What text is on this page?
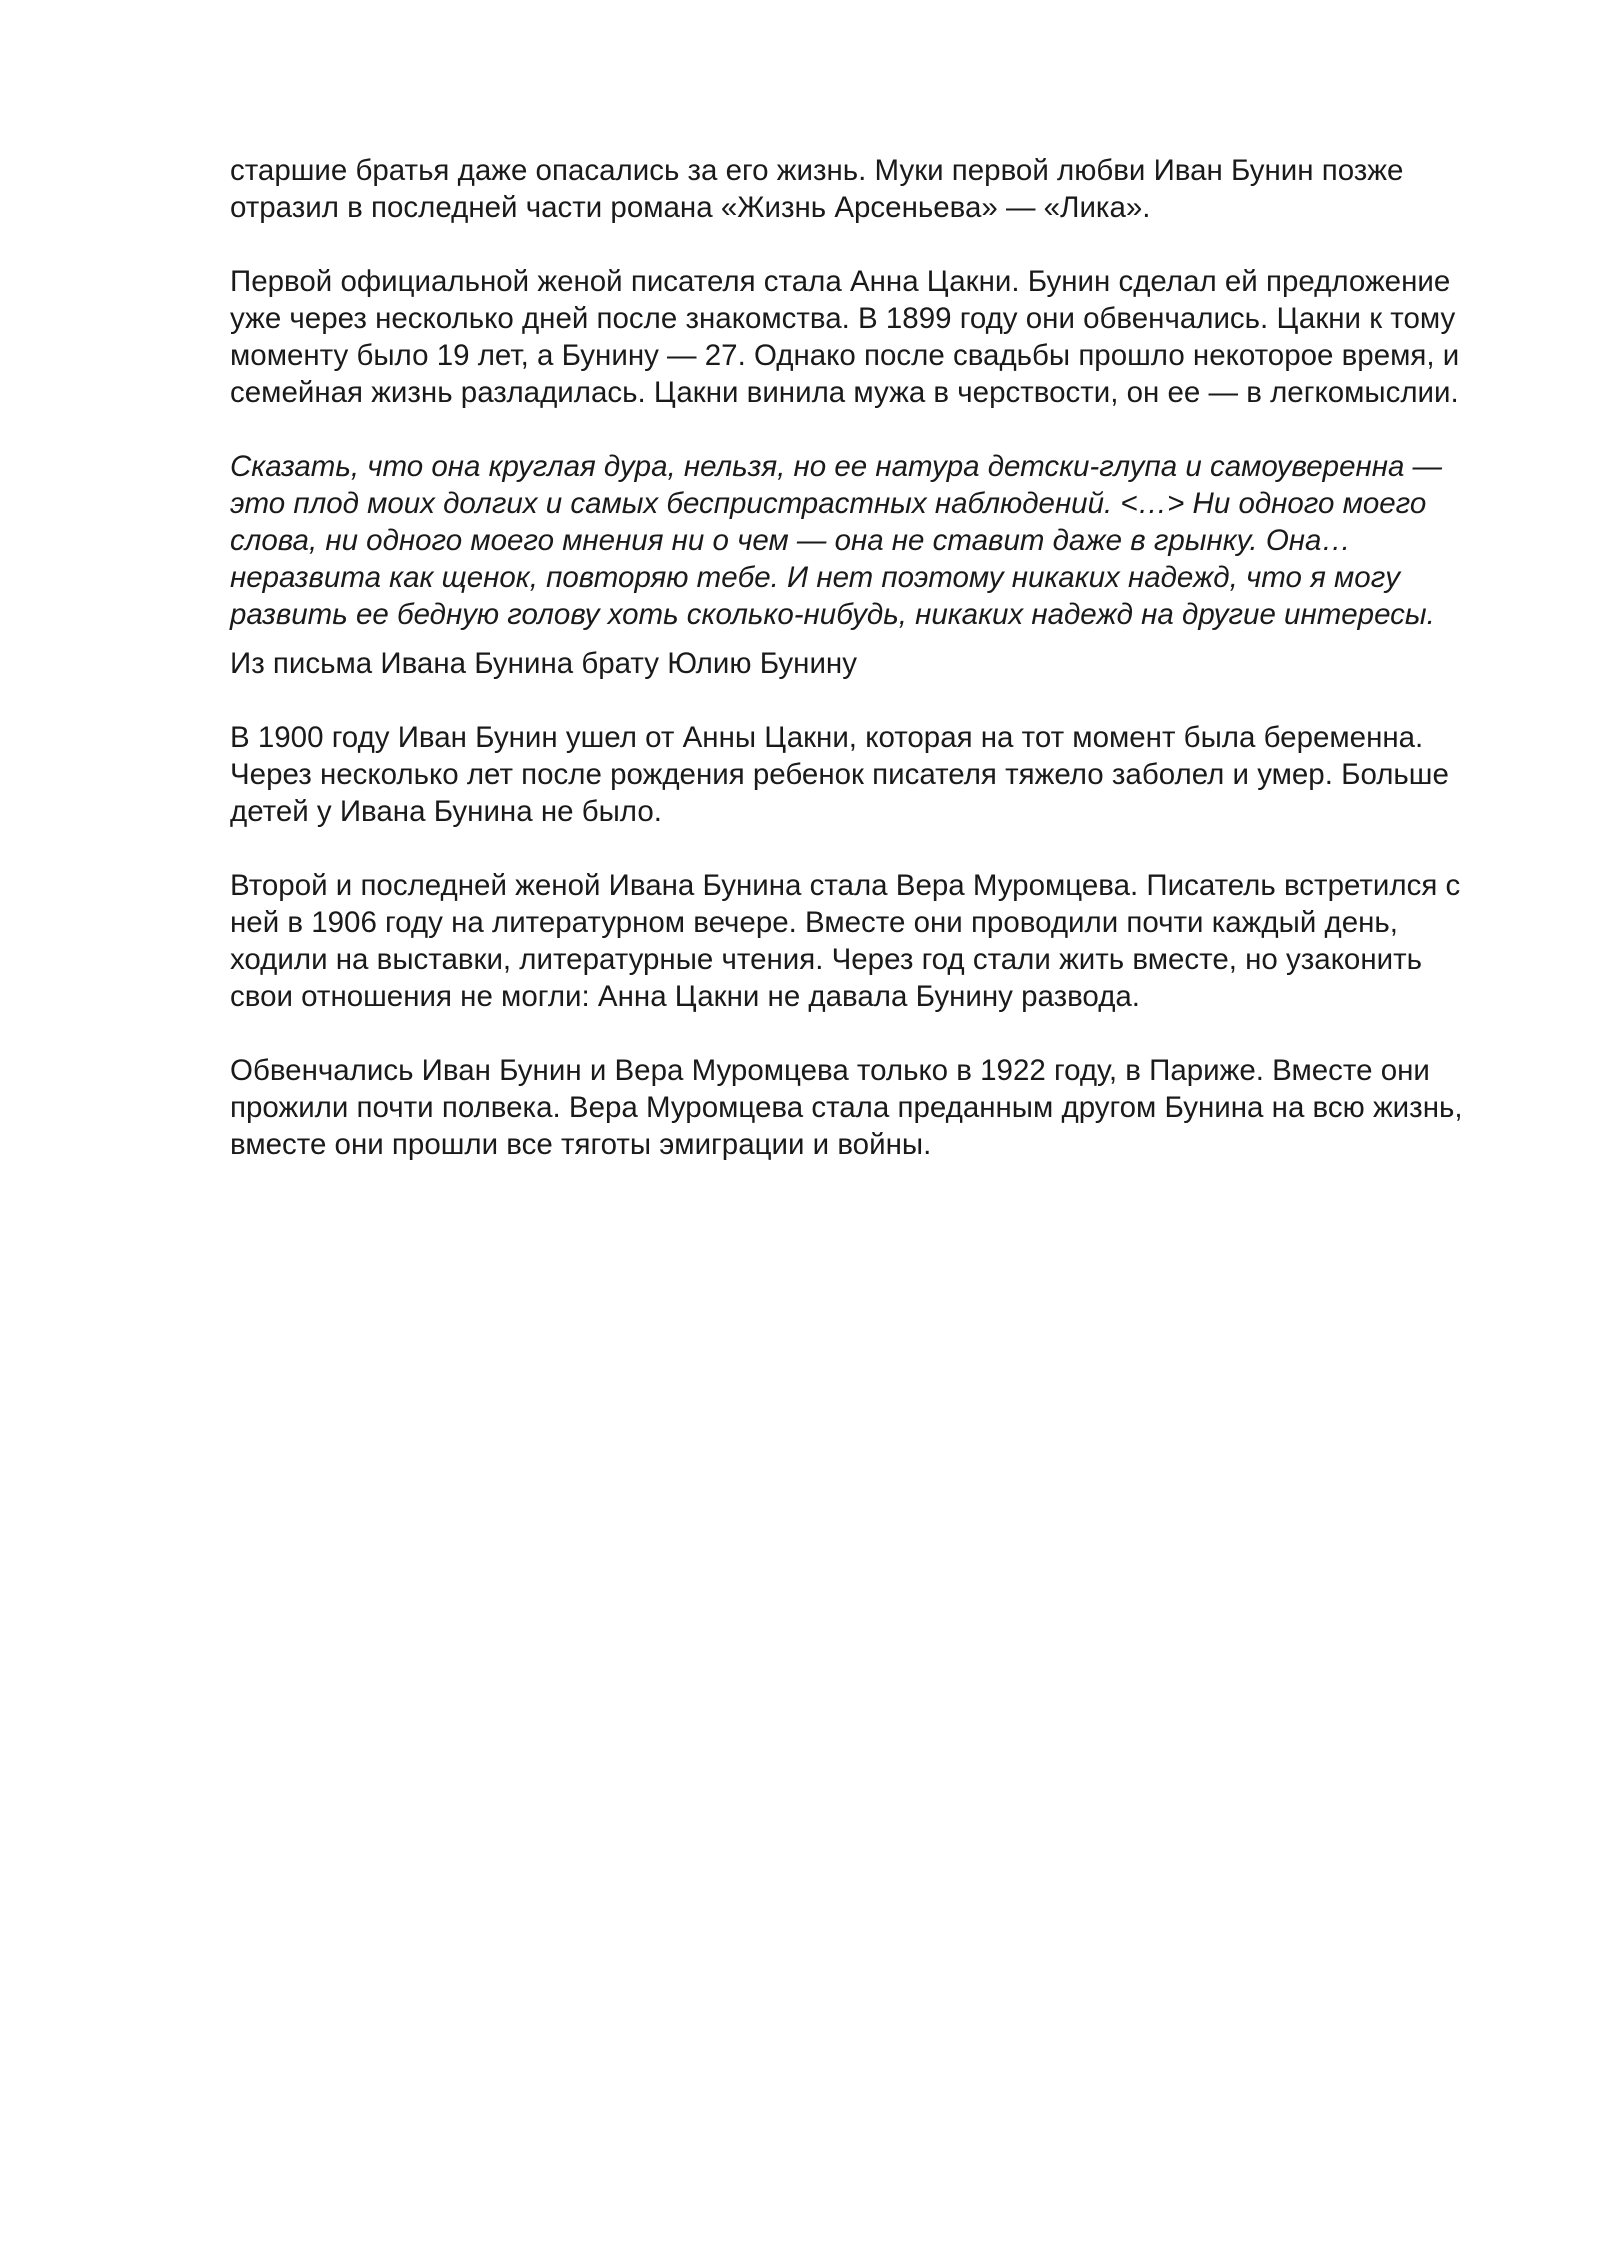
старшие братья даже опасались за его жизнь. Муки первой любви Иван Бунин позже отразил в последней части романа «Жизнь Арсеньева» — «Лика».

Первой официальной женой писателя стала Анна Цакни. Бунин сделал ей предложение уже через несколько дней после знакомства. В 1899 году они обвенчались. Цакни к тому моменту было 19 лет, а Бунину — 27. Однако после свадьбы прошло некоторое время, и семейная жизнь разладилась. Цакни винила мужа в черствости, он ее — в легкомыслии.

Сказать, что она круглая дура, нельзя, но ее натура детски-глупа и самоуверенна — это плод моих долгих и самых беспристрастных наблюдений. <…> Ни одного моего слова, ни одного моего мнения ни о чем — она не ставит даже в грынку. Она… неразвита как щенок, повторяю тебе. И нет поэтому никаких надежд, что я могу развить ее бедную голову хоть сколько-нибудь, никаких надежд на другие интересы.

Из письма Ивана Бунина брату Юлию Бунину

В 1900 году Иван Бунин ушел от Анны Цакни, которая на тот момент была беременна. Через несколько лет после рождения ребенок писателя тяжело заболел и умер. Больше детей у Ивана Бунина не было.

Второй и последней женой Ивана Бунина стала Вера Муромцева. Писатель встретился с ней в 1906 году на литературном вечере. Вместе они проводили почти каждый день, ходили на выставки, литературные чтения. Через год стали жить вместе, но узаконить свои отношения не могли: Анна Цакни не давала Бунину развода.

Обвенчались Иван Бунин и Вера Муромцева только в 1922 году, в Париже. Вместе они прожили почти полвека. Вера Муромцева стала преданным другом Бунина на всю жизнь, вместе они прошли все тяготы эмиграции и войны.
